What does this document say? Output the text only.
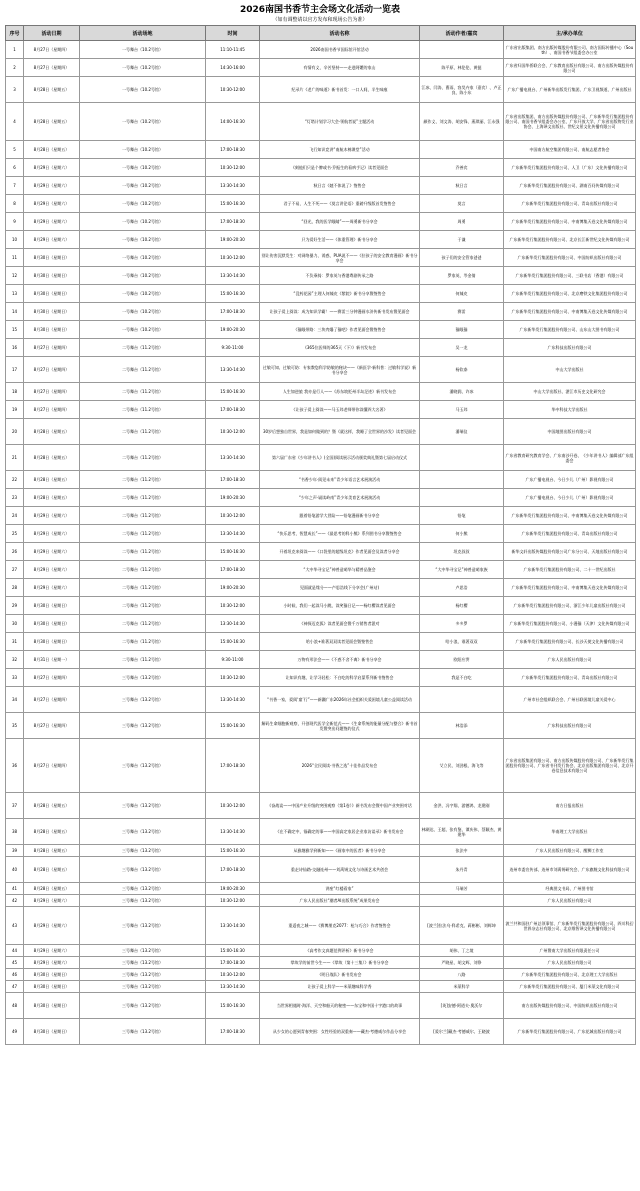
2026南国书香节主会场文化活动一览表
（如有调整请以官方发布和现场公告为准）
序号	活动日期	活动场地	时间	活动名称	活动作者/嘉宾	主/承办单位
1	8月27日（星期四）	一号舞台（10.2号馆）	11:10-11:45	2026南国书香节国际馆开馆活动		广东省出版集团、南方出版传媒股份有限公司、南方国际传播中心（South）、南国书香节组委会办公室
2	8月27日（星期四）	一号舞台（10.2号馆）	14:30-16:00	有情有义，辛苦坚持——走进阿嬷的家山	陈平原、林伦伦、黄挺	广东省归国华侨联合会、广东教育出版社有限公司、南方出版传媒股份有限公司
3	8月28日（星期五）	一号舞台（10.2号馆）	10:30-12:00	纪录片《老广的味道》新书首发：一口人间，半生味痕	江冰、闫涛、曹雨、容昊卉家（嘉宾）、卢正良、陈小东	广东广播电视台、广州新华出版发行集团、广东卫视频道、广州出版社
4	8月28日（星期五）	一号舞台（10.2号馆）	14:00-16:30	“灯塔计划学习大会·领航者说”主题活动	颜作义、刘文涛、胡安锋、燕琪丽、江永强	广东省出版集团、南方出版传媒股份有限公司、广东新华发行集团股份有限公司、南国书香节组委会办公室、广东开放大学、广东省出版物发行业协会、上海译文出版社、世纪文景文化传播有限公司
5	8月28日（星期五）	一号舞台（10.2号馆）	17:00-18:30	飞行知识竞讲“南航木棉课堂”活动		中国南方航空集团有限公司、南航志愿者协会
6	8月29日（星期六）	一号舞台（10.2号馆）	10:30-12:00	《刻他们只是个脾或书·乔振生的看病手记》读者见面会	乔善宾	广东新华发行集团股份有限公司、人卫（广东）文化传播有限公司
7	8月29日（星期六）	一号舞台（10.2号馆）	13:30-14:30	秋日言《她不体说了》签售会	秋日言	广东新华发行集团股份有限公司、湖南百问传媒有限公司
8	8月29日（星期六）	一号舞台（10.2号馆）	15:00-16:30	君子不易，人生不死——《莫言讲论语》重磅升级版首发签售会	莫言	广东新华发行集团股份有限公司、青岛出版社有限公司
9	8月29日（星期六）	一号舞台（10.2号馆）	17:00-18:30	“回光，我的医学眼睛”——周勇新书分享会	周勇	广东新华发行集团股份有限公司、中南博集天卷文化传媒有限公司
10	8月29日（星期六）	一号舞台（10.2号馆）	19:00-20:30	只为爱好生活——《体重管理》新书分享会	于谦	广东新华发行集团股份有限公司、北京长江新世纪文化传媒有限公司
11	8月30日（星期日）	一号舞台（10.2号馆）	10:30-12:00	别让伤害沉默发生：对网络暴力、诱惑、PUA说不——《拉孩子的安全教育漫画》新书分享会	孩子们的安全管家爸爸	广东新华发行集团股份有限公司、中国纺织出版社有限公司
12	8月30日（星期日）	一号舞台（10.2号馆）	13:30-14:30	不负乘骑：罗家英与香港粤剧传承之路	罗家英、岑金倩	广东新华发行集团股份有限公司、三联书店（香港）有限公司
13	8月30日（星期日）	一号舞台（10.2号馆）	15:00-16:30	“没药花园”主理人何辣皮《紫院》新书分享暨签售会	何辣皮	广东新华发行集团股份有限公司、北京磨铁文化集团股份有限公司
14	8月30日（星期日）	一号舞台（10.2号馆）	17:00-18:30	让孩子爱上阅读：成为知识学霸！——赛雷三分钟漫画水浒传新书发布暨见面会	赛雷	广东新华发行集团股份有限公司、中南博集天卷文化传媒有限公司
15	8月30日（星期日）	一号舞台（10.2号馆）	19:00-20:30	《猫眼带路：三块肉爆了猫吧》作者见面会暨签售会	猫眼猫	广东新华发行集团股份有限公司、山东山大图书有限公司
16	8月27日（星期四）	二号舞台（11.2号馆）	9:30-11:00	《365位医师的365天（下）》新书发布会	吴一龙	广东科技出版社有限公司
17	8月27日（星期四）	二号舞台（11.2号馆）	13:30-14:30	过敏可知、过敏可防：专家教您科学防敏的秘诀——《新医学·新科普：过敏科学说》新书分享会	杨钦泰	中山大学出版社
18	8月27日（星期四）	二号舞台（11.2号馆）	15:00-16:30	人生如逆旅 我亦是行人——《苏东坡贬州半岛足迹》新书发布会	潘晓润、许冰	中山大学出版社、湛江市历史文化研究会
19	8月27日（星期四）	二号舞台（11.2号馆）	17:00-18:30	《让孩子爱上阅读——马玉玮老师带你读懂四大名著》	马玉玮	华中科技大学出版社
20	8月28日（星期五）	二号舞台（11.2号馆）	10:30-12:00	30岁后想独自世界，我是如何做到的？暨《就这样，我睡了全世界的沙发》读者见面会	潘瑞仪	中国地图出版社有限公司
21	8月28日（星期五）	二号舞台（11.2号馆）	13:30-14:30	第六届广东省《少年讲书人》(全国)阅读展示活动颁奖典礼暨第七届启动仪式		广东省教育研究教育学会、广东南沙开卷、《少年讲书人》编辑部广东组委会
22	8月28日（星期五）	二号舞台（11.2号馆）	17:00-18:30	“书香少年·阅见未来”青少年语言艺术展演活动		广东广播电视台、今日少儿（广州）影视有限公司
23	8月28日（星期五）	二号舞台（11.2号馆）	19:00-20:30	“少年之声·诵读岭南”青少年美育艺术展演活动		广东广播电视台、今日少儿（广州）影视有限公司
24	8月29日（星期六）	二号舞台（11.2号馆）	10:30-12:00	跟着铅笔游学大冒险——铅笔漫画新书分享会	铅笔	广东新华发行集团股份有限公司、中南博集天卷文化传媒有限公司
25	8月29日（星期六）	二号舞台（11.2号馆）	13:30-14:30	“快乐思考，智慧成长”——《最思考的科小熊》系列图书分享暨签售会	何小熊	广东新华发行集团股份有限公司、青岛出版社有限公司
26	8月29日（星期六）	二号舞台（11.2号馆）	15:00-16:30	开着坦克来阅读——《口袋里的超级坦克》作者见面会及读者分享会	坦克叔叔	新华文轩出版传媒股份有限公司广东分公司、天地出版社有限公司
27	8月29日（星期六）	二号舞台（11.2号馆）	17:00-18:30	“大中华寻宝记”神兽造萌华与精兽品鉴会	“大中华寻宝记”神兽造萌家族	广东新华发行集团股份有限公司、二十一世纪出版社
28	8月29日（星期六）	二号舞台（11.2号馆）	19:00-20:30	见面就是缘分——卢思浩线下分享会(广州站)	卢思浩	广东新华发行集团股份有限公司、中南博集天卷文化传媒有限公司
29	8月30日（星期日）	二号舞台（11.2号馆）	10:30-12:00	小时候，我们一起读马小跳，读笑猫日记——杨红樱读者见面会	杨红樱	广东新华发行集团股份有限公司、浙江少年儿童出版社有限公司
30	8月30日（星期日）	二号舞台（11.2号馆）	13:30-14:30	《神探迈克狐》读者见面会暨千万销售者派对	多多罗	广东新华发行集团股份有限公司、小漫猫（天津）文化传媒有限公司
31	8月30日（星期日）	二号舞台（11.2号馆）	15:00-16:30	哈小浪+谁著双双读者见面会暨签售会	哈小浪、谁著双双	广东新华发行集团股份有限公司、长沙天使文化传播有限公司
32	8月31日（星期一）	二号舞台（11.2号馆）	9:30-11:00	万物有形法会——《不惑不舍不离》新书分享会	欧阳应霁	广东人民出版社有限公司
33	8月27日（星期四）	三号舞台（13.2号馆）	10:30-12:00	让知识有趣，让学习轻松：不白吃的科学启蒙系列新书签售会	我是不白吃	广东新华发行集团股份有限公司、青岛出版社有限公司
34	8月27日（星期四）	三号舞台（13.2号馆）	13:30-14:30	“书香一家，爱阅‘童’行”——新疆广东2026年社会组织关爱困境儿童公益阅读活动		广州市社会组织联合会、广州社联困境儿童关爱中心
35	8月27日（星期四）	三号舞台（13.2号馆）	15:00-16:30	解码生命细胞新观察，开创现代医学全新范式——《生命系统的能量分配与整合》新书首发暨突出问题签约仪式	林浩添	广东科技出版社有限公司
36	8月27日（星期四）	三号舞台（13.2号馆）	17:00-18:30	2026“全民阅读·书香之选”十佳作品发布会	艾立民、刘劲根、海飞等	广东省出版集团有限公司、南方出版传媒股份有限公司、广东新华发行集团股份有限公司、广东省书刊发行协会、北京出版集团有限公司、北京开卷信息技术有限公司
37	8月28日（星期五）	三号舞台（13.2号馆）	10:30-12:00	《奋战谈——中国产业升级的突围观察（第1卷）》新书发布会暨中国产业突围对话	金洪、冯字翔、游德鸿、龙建刚	南方日报出版社
38	8月28日（星期五）	三号舞台（13.2号馆）	13:30-14:30	《在不确定中，锚确定的事——中国高定家居企业家访谈录》新书发布会	林刷达、王超、张有鉴、谭庆伟、蔡颖杰、黄建华	华南理工大学出版社
39	8月28日（星期五）	三号舞台（13.2号馆）	15:00-16:30	从雅趣雅学到新知——《画家中的医者》新书分享会	张法中	广东人民出版社有限公司、醒狮工作室
40	8月28日（星期五）	三号舞台（13.2号馆）	17:00-18:30	重走诗仙路·交融连州——刘禹锡文化与诗画艺术共创会	朱丹青	连州市委宣传部、连州市刘禹锡研究会、广东旗舰文化科技有限公司
41	8月28日（星期五）	三号舞台（13.2号馆）	19:00-20:30	讲座“红楼看家”	马瑞芳	经典图文书局、广州图书馆
42	8月29日（星期六）	三号舞台（13.2号馆）	10:30-12:00	广东人民出版社“潮者AI出版系统”成果发布会		广东人民出版社有限公司
43	8月29日（星期六）	三号舞台（13.2号馆）	13:30-14:30	重返夜之城——《赛博朋克2077：枪与巧合》作者签售会	[波兰]拉法乌·科希克、蒋彬彬、刘辉坤	波兰共和国驻广州总领事馆、广东新华发行集团股份有限公司、四川科幻世界杂志社有限公司、北京维智译文化传播有限公司
44	8月29日（星期六）	三号舞台（13.2号馆）	15:00-16:30	《高考作文真题范例评析》新书分享会	胡伟、丁之境	广州暨南大学出版社有限责任公司
45	8月29日（星期六）	三号舞台（13.2号馆）	17:00-18:30	掌故学的前世今生——《掌故（第十三集）》新书分享会	严晓星、胡文辉、刘铮	广东人民出版社有限公司
46	8月30日（星期日）	三号舞台（13.2号馆）	10:30-12:00	《明日战队》新书发布会	八路	广东新华发行集团股份有限公司、北京理工大学出版社
47	8月30日（星期日）	三号舞台（13.2号馆）	13:30-14:30	让孩子爱上科学——米莱趣味科学秀	米莱科学	广东新华发行集团股份有限公司、厦门米莱文化有限公司
48	8月30日（星期日）	三号舞台（13.2号馆）	15:00-16:30	当世界相遇时·海洋、天空和船天的秘密——东宝和中国十字港口的故事	[英]安德·阿道夫·奥沃尔	南方出版传媒股份有限公司、中国纺织出版社有限公司
49	8月30日（星期日）	三号舞台（13.2号馆）	17:00-18:30	从少女的心愿到青春突围：女性经验的双重奏——藏杰·考德威尔作品分享会	[爱尔兰]藏杰·考德威尔、王晓波	广东新华发行集团股份有限公司、广东花城出版社有限公司
